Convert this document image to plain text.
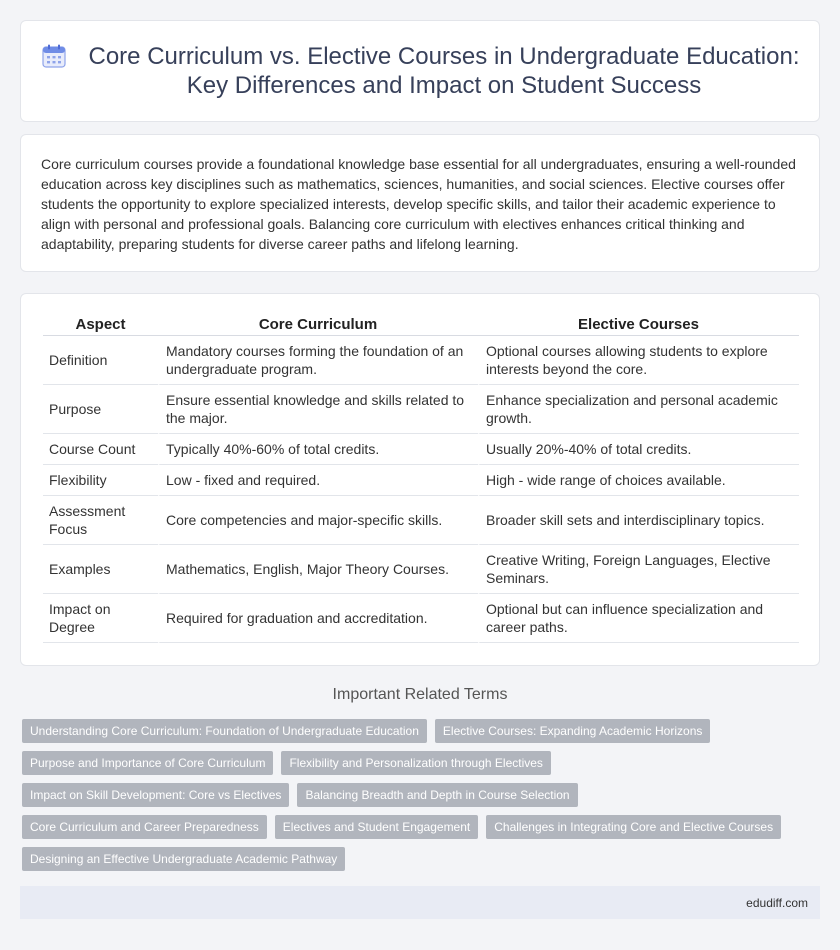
Core Curriculum vs. Elective Courses in Undergraduate Education: Key Differences and Impact on Student Success

Core curriculum courses provide a foundational knowledge base essential for all undergraduates, ensuring a well-rounded education across key disciplines such as mathematics, sciences, humanities, and social sciences. Elective courses offer students the opportunity to explore specialized interests, develop specific skills, and tailor their academic experience to align with personal and professional goals. Balancing core curriculum with electives enhances critical thinking and adaptability, preparing students for diverse career paths and lifelong learning.

Aspect	Core Curriculum	Elective Courses
Definition	Mandatory courses forming the foundation of an undergraduate program.	Optional courses allowing students to explore interests beyond the core.
Purpose	Ensure essential knowledge and skills related to the major.	Enhance specialization and personal academic growth.
Course Count	Typically 40%-60% of total credits.	Usually 20%-40% of total credits.
Flexibility	Low - fixed and required.	High - wide range of choices available.
Assessment Focus	Core competencies and major-specific skills.	Broader skill sets and interdisciplinary topics.
Examples	Mathematics, English, Major Theory Courses.	Creative Writing, Foreign Languages, Elective Seminars.
Impact on Degree	Required for graduation and accreditation.	Optional but can influence specialization and career paths.
Important Related Terms
Understanding Core Curriculum: Foundation of Undergraduate Education	Elective Courses: Expanding Academic Horizons
Purpose and Importance of Core Curriculum	Flexibility and Personalization through Electives
Impact on Skill Development: Core vs Electives	Balancing Breadth and Depth in Course Selection
Core Curriculum and Career Preparedness	Electives and Student Engagement	Challenges in Integrating Core and Elective Courses
Designing an Effective Undergraduate Academic Pathway
edudiff.com
